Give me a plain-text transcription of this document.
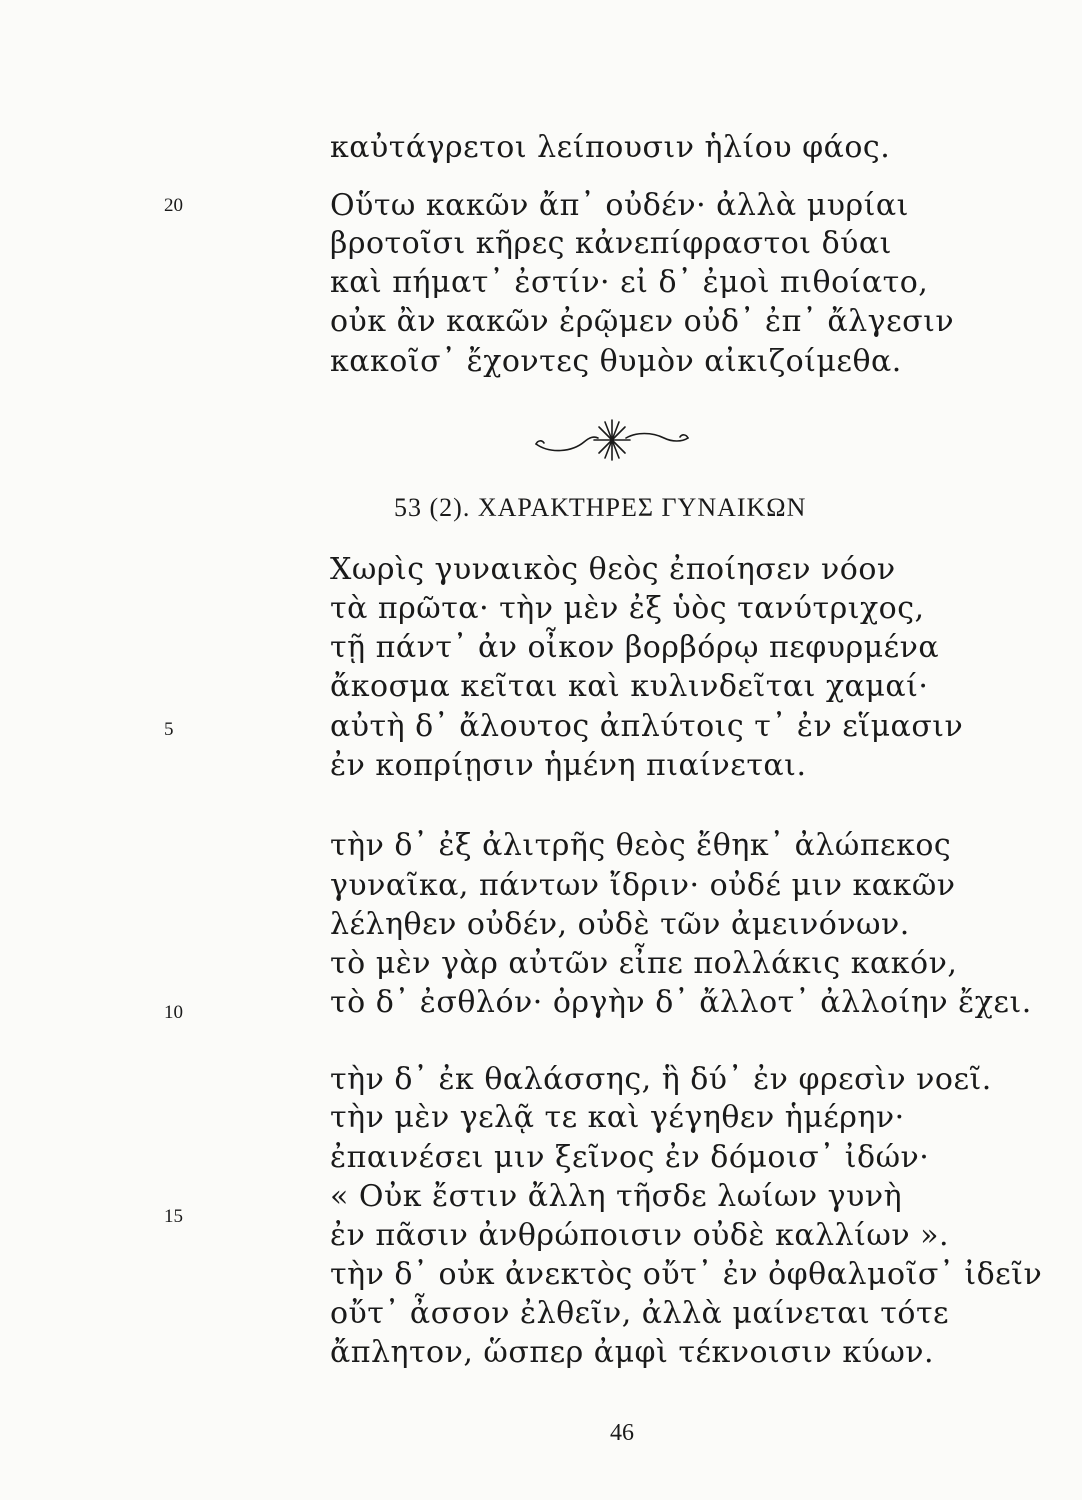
καὐτάγρετοι λείπουσιν ἡλίου φάος.
Οὕτω κακῶν ἄπ᾽ οὐδέν· ἀλλὰ μυρίαι
βροτοῖσι κῆρες κἀνεπίφραστοι δύαι
καὶ πήματ᾽ ἐστίν· εἰ δ᾽ ἐμοὶ πιθοίατο,
οὐκ ἂν κακῶν ἐρῷμεν οὐδ᾽ ἐπ᾽ ἄλγεσιν
κακοῖσ᾽ ἔχοντες θυμὸν αἰκιζοίμεθα.
20
53 (2). ΧΑΡΑΚΤΗΡΕΣ ΓΥΝΑΙΚΩΝ
Χωρὶς γυναικὸς θεὸς ἐποίησεν νόον
τὰ πρῶτα· τὴν μὲν ἐξ ὑὸς τανύτριχος,
τῇ πάντ᾽ ἀν οἶκον βορβόρῳ πεφυρμένα
ἄκοσμα κεῖται καὶ κυλινδεῖται χαμαί·
αὐτὴ δ᾽ ἄλουτος ἀπλύτοις τ᾽ ἐν εἵμασιν
ἐν κοπρίῃσιν ἡμένη πιαίνεται.
5
τὴν δ᾽ ἐξ ἀλιτρῆς θεὸς ἔθηκ᾽ ἀλώπεκος
γυναῖκα, πάντων ἴδριν· οὐδέ μιν κακῶν
λέληθεν οὐδέν, οὐδὲ τῶν ἀμεινόνων.
τὸ μὲν γὰρ αὐτῶν εἶπε πολλάκις κακόν,
τὸ δ᾽ ἐσθλόν· ὀργὴν δ᾽ ἄλλοτ᾽ ἀλλοίην ἔχει.
10
τὴν δ᾽ ἐκ θαλάσσης, ἣ δύ᾽ ἐν φρεσὶν νοεῖ.
τὴν μὲν γελᾷ τε καὶ γέγηθεν ἡμέρην·
ἐπαινέσει μιν ξεῖνος ἐν δόμοισ᾽ ἰδών·
« Οὐκ ἔστιν ἄλλη τῆσδε λωίων γυνὴ
ἐν πᾶσιν ἀνθρώποισιν οὐδὲ καλλίων ».
τὴν δ᾽ οὐκ ἀνεκτὸς οὔτ᾽ ἐν ὀφθαλμοῖσ᾽ ἰδεῖν
οὔτ᾽ ἆσσον ἐλθεῖν, ἀλλὰ μαίνεται τότε
ἄπλητον, ὥσπερ ἀμφὶ τέκνοισιν κύων.
15
46
